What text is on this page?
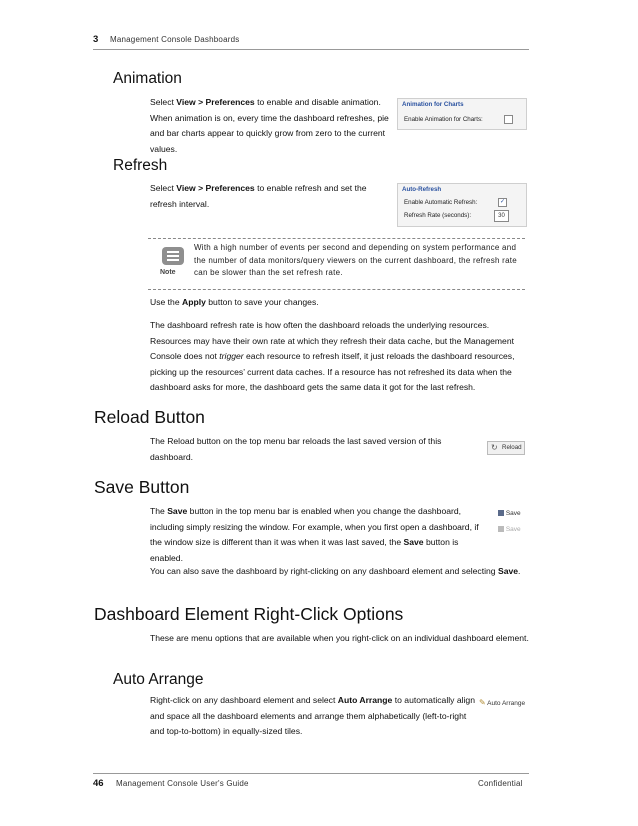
3 Management Console Dashboards
Animation
Select View > Preferences to enable and disable animation. When animation is on, every time the dashboard refreshes, pie and bar charts appear to quickly grow from zero to the current values.
Animation for Charts
Enable Animation for Charts:
Refresh
Select View > Preferences to enable refresh and set the refresh interval.
Auto-Refresh
Enable Automatic Refresh:	✓
Refresh Rate (seconds):	30
Note
With a high number of events per second and depending on system performance and the number of data monitors/query viewers on the current dashboard, the refresh rate can be slower than the set refresh rate.
Use the Apply button to save your changes.
The dashboard refresh rate is how often the dashboard reloads the underlying resources. Resources may have their own rate at which they refresh their data cache, but the Management Console does not trigger each resource to refresh itself, it just reloads the dashboard resources, picking up the resources’ current data caches. If a resource has not refreshed its data when the dashboard asks for more, the dashboard gets the same data it got for the last refresh.
Reload Button
The Reload button on the top menu bar reloads the last saved version of this dashboard.
↻ Reload
Save Button
The Save button in the top menu bar is enabled when you change the dashboard, including simply resizing the window. For example, when you first open a dashboard, if the window size is different than it was when it was last saved, the Save button is enabled.
Save
Save
You can also save the dashboard by right-clicking on any dashboard element and selecting Save.
Dashboard Element Right-Click Options
These are menu options that are available when you right-click on an individual dashboard element.
Auto Arrange
Right-click on any dashboard element and select Auto Arrange to automatically align and space all the dashboard elements and arrange them alphabetically (left-to-right and top-to-bottom) in equally-sized tiles.
✎ Auto Arrange
46 Management Console User's Guide	Confidential
